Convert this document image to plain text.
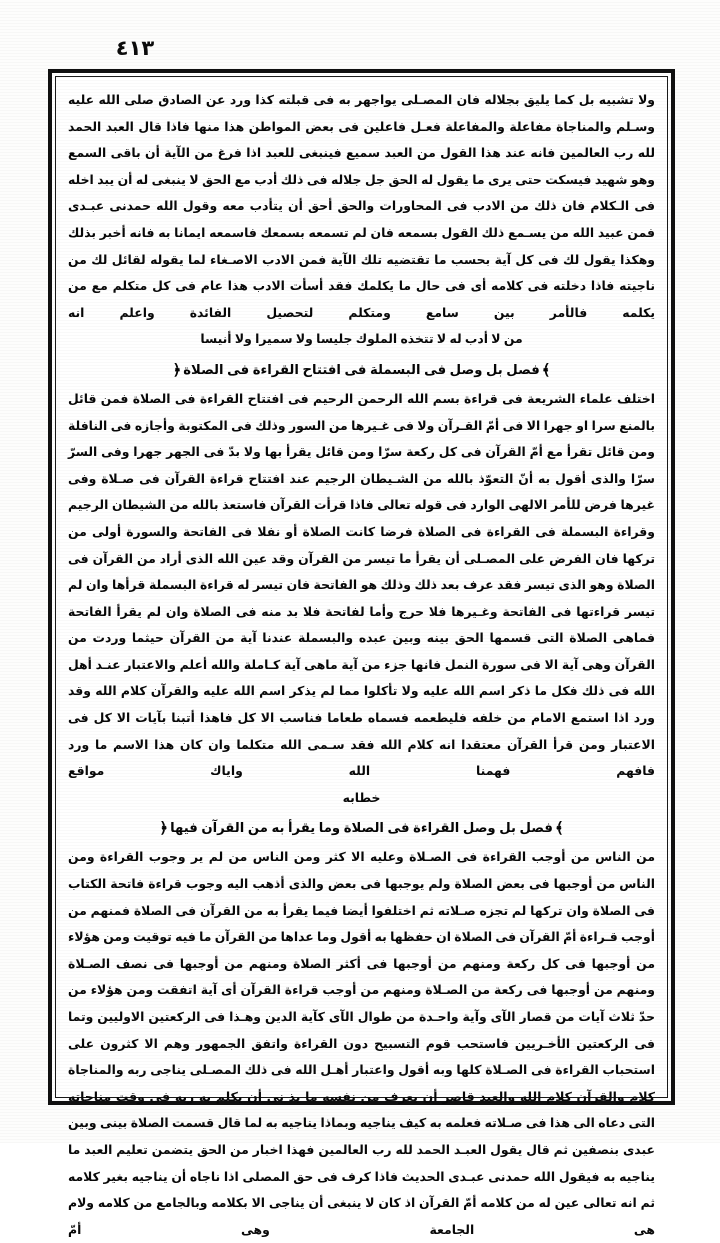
٤١٣

ولا تشبيه بل كما يليق بجلاله فان المصـلى يواجهر به فى قبلته كذا ورد عن الصادق صلى الله عليه وسـلم والمناجاة مفاعلة والمفاعلة فعـل فاعلين فى بعض المواطن هذا منها فاذا قال العبد الحمد لله رب العالمين فانه عند هذا القول من العبد سميع فينبغى للعبد اذا فرغ من الآية أن باقى السمع وهو شهيد فيسكت حتى يرى ما يقول له الحق جل جلاله فى ذلك أدب مع الحق لا ينبغى له أن يبد اخله فى الـكلام فان ذلك من الادب فى المحاورات والحق أحق أن يتأدب معه وقول الله حمدنى عبـدى فمن عبيد الله من يسـمع ذلك القول بسمعه فان لم تسمعه بسمعك فاسمعه ايمانا به فانه أخبر بذلك وهكذا يقول لك فى كل آية بحسب ما تقتضيه تلك الآية فمن الادب الاصـغاء لما يقوله لقائل لك من ناجيته فاذا دخلته فى كلامه أى فى حال ما يكلمك فقد أسأت الادب هذا عام فى كل متكلم مع من يكلمه فالأمر بين سامع ومتكلم لتحصيل الفائدة واعلم انه

من لا أدب له لا تتخذه الملوك جليسا ولا سميرا ولا أنيسا
﴾فصل بل وصل فى البسملة فى افتتاح القراءة فى الصلاة﴿

اختلف علماء الشريعة فى قراءة بسم الله الرحمن الرحيم فى افتتاح القراءة فى الصلاة فمن قائل بالمنع سرا او جهرا الا فى أمّ القـرآن ولا فى غـيرها من السور وذلك فى المكتوبة وأجازه فى النافلة ومن قائل تقرأ مع أمّ القرآن فى كل ركعة سرّا ومن قائل يقرأ بها ولا بدّ فى الجهر جهرا وفى السرّ سرّا والذى أقول به أنّ التعوّذ بالله من الشـيطان الرجيم عند افتتاح قراءة القرآن فى صـلاة وفى غيرها فرض للأمر الالهى الوارد فى قوله تعالى فاذا قرأت القرآن فاستعذ بالله من الشيطان الرجيم وقراءة البسملة فى القراءة فى الصلاة فرضا كانت الصلاة أو نفلا فى الفاتحة والسورة أولى من تركها فان الفرض على المصـلى أن يقرأ ما تيسر من القرآن وقد عين الله الذى أراد من القرآن فى الصلاة وهو الذى تيسر فقد عرف بعد ذلك وذلك هو الفاتحة فان تيسر له قراءة البسملة قرأها وان لم تيسر قراءتها فى الفاتحة وغـيرها فلا حرج وأما لفاتحة فلا بد منه فى الصلاة وان لم يقرأ الفاتحة فماهى الصلاة التى قسمها الحق بينه وبين عبده والبسملة عندنا آية من القرآن حيثما وردت من القرآن وهى آية الا فى سورة النمل فانها جزء من آية ماهى آية كـاملة والله أعلم والاعتبار عنـد أهل الله فى ذلك فكل ما ذكر اسم الله عليه ولا تأكلوا مما لم يذكر اسم الله عليه والقرآن كلام الله وقد ورد اذا استمع الامام من خلفه فليطعمه فسماه طعاما فناسب الا كل فاهذا أتبنا بآيات الا كل فى الاعتبار ومن قرأ القرآن معتقدا انه كلام الله فقد سـمى الله متكلما وان كان هذا الاسم ما ورد فافهم فهمنا الله واياك مواقع

خطابه
﴾فصل بل وصل القراءة فى الصلاة وما يقرأ به من القرآن فيها﴿

من الناس من أوجب القراءة فى الصـلاة وعليه الا كثر ومن الناس من لم ير وجوب القراءة ومن الناس من أوجبها فى بعض الصلاة ولم يوجبها فى بعض والذى أذهب اليه وجوب قراءة فاتحة الكتاب فى الصلاة وان تركها لم تجزه صـلاته ثم اختلفوا أيضا فيما يقرأ به من القرآن فى الصلاة فمنهم من أوجب قـراءة أمّ القرآن فى الصلاة ان حفظها به أقول وما عداها من القرآن ما فيه توقيت ومن هؤلاء من أوجبها فى كل ركعة ومنهم من أوجبها فى أكثر الصلاة ومنهم من أوجبها فى نصف الصـلاة ومنهم من أوجبها فى ركعة من الصـلاة ومنهم من أوجب قراءة القرآن أى آية اتفقت ومن هؤلاء من حدّ ثلاث آيات من قصار الآى وآية واحـدة من طوال الآى كآية الدين وهـذا فى الركعتين الاوليين وتما فى الركعتين الأخـريين فاستحب قوم التسبيح دون القراءة واتفق الجمهور وهم الا كثرون على استحباب القراءة فى الصـلاة كلها وبه أقول واعتبار أهـل الله فى ذلك المصـلى يناجى ربه والمناجاة كلام والقرآن كلام الله والعبد قاصر أن يعرف من نفسه ما يذ نى أن يكلم به ربه فى وقت مناجاته التى دعاه الى هذا فى صـلاته فعلمه به كيف يناجيه وبماذا يناجيه به لما قال قسمت الصلاة بينى وبين عبدى بنصفين ثم قال يقول العبـد الحمد لله رب العالمين فهذا اخبار من الحق يتضمن تعليم العبد ما يناجيه به فيقول الله حمدنى عبـدى الحديث فاذا كرف فى حق المصلى اذا ناجاه أن يناجيه بغير كلامه ثم انه تعالى عين له من كلامه أمّ القرآن اذ كان لا ينبغى أن يناجى الا بكلامه وبالجامع من كلامه ولام هى الجامعة وهى أمّ
